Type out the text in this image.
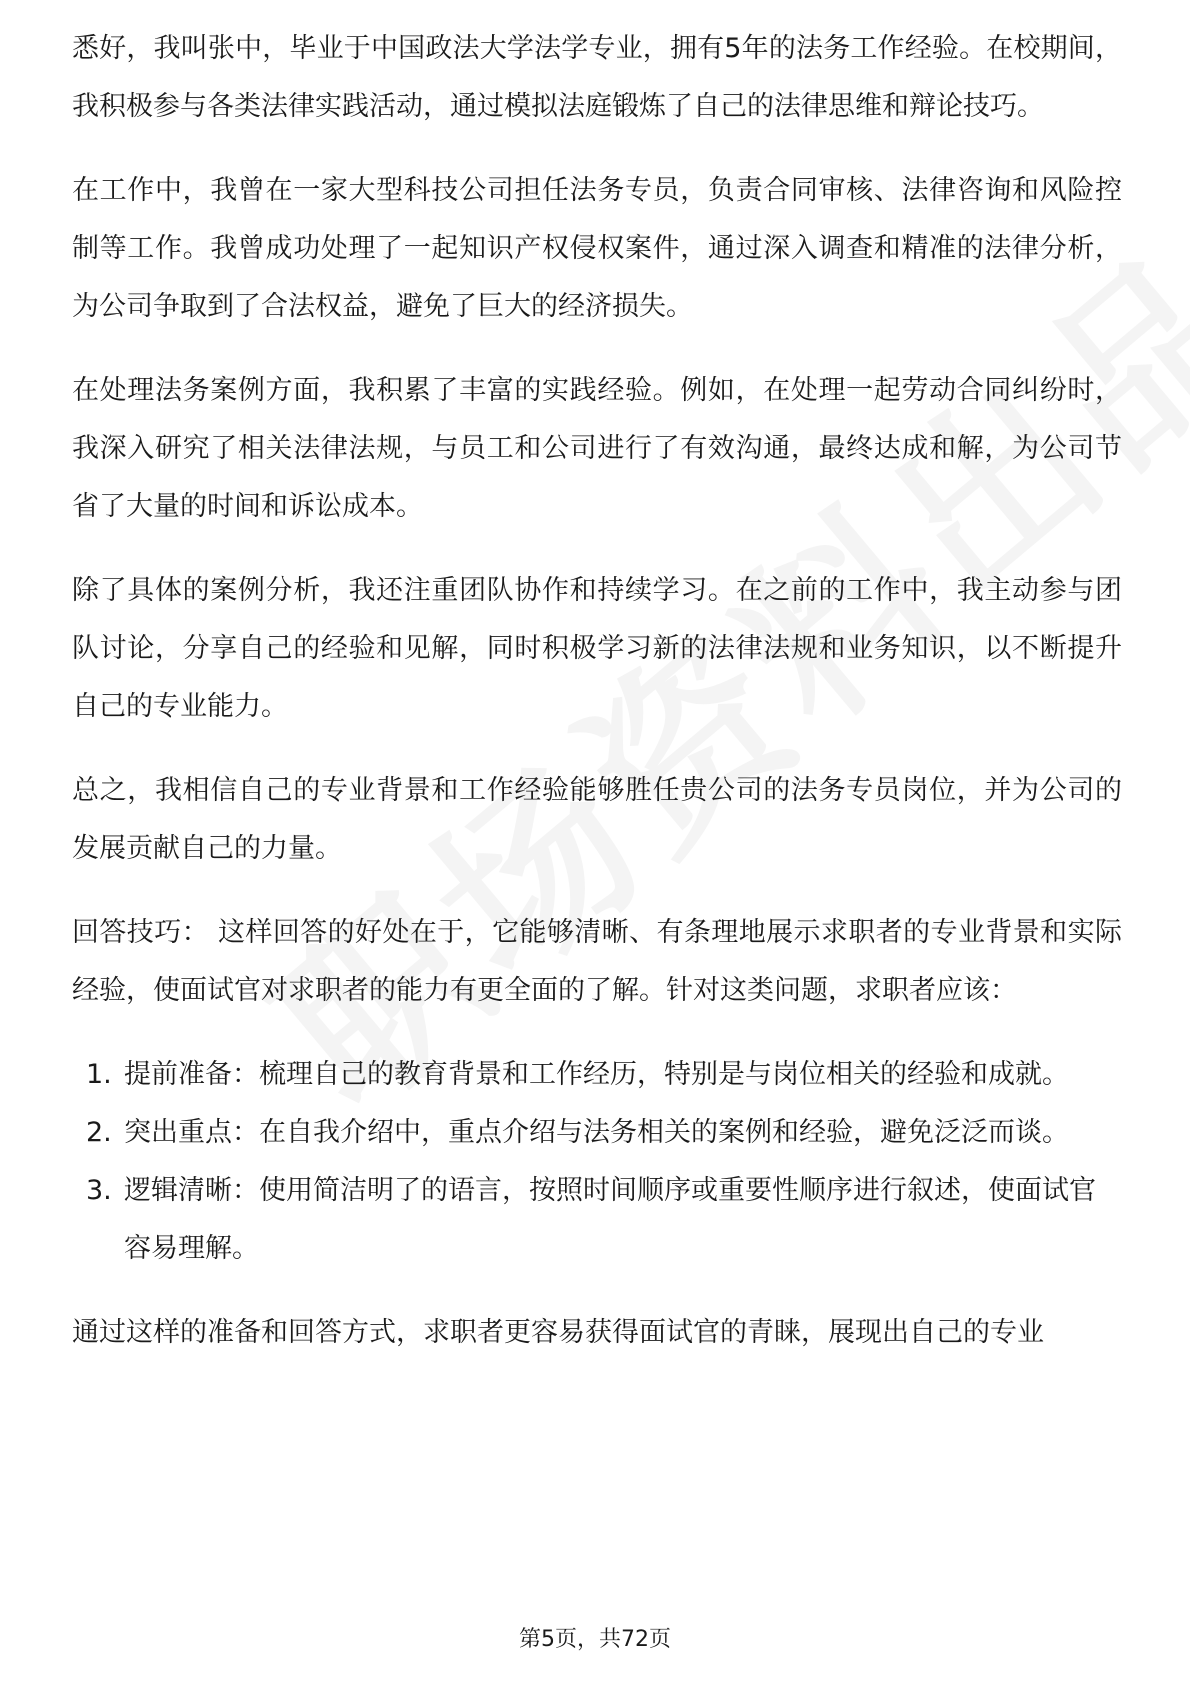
悉好，我叫张中，毕业于中国政法大学法学专业，拥有5年的法务工作经验。在校期间，我积极参与各类法律实践活动，通过模拟法庭锻炼了自己的法律思维和辩论技巧。

在工作中，我曾在一家大型科技公司担任法务专员，负责合同审核、法律咨询和风险控制等工作。我曾成功处理了一起知识产权侵权案件，通过深入调查和精准的法律分析，为公司争取到了合法权益，避免了巨大的经济损失。

在处理法务案例方面，我积累了丰富的实践经验。例如，在处理一起劳动合同纠纷时，我深入研究了相关法律法规，与员工和公司进行了有效沟通，最终达成和解，为公司节省了大量的时间和诉讼成本。

除了具体的案例分析，我还注重团队协作和持续学习。在之前的工作中，我主动参与团队讨论，分享自己的经验和见解，同时积极学习新的法律法规和业务知识，以不断提升自己的专业能力。

总之，我相信自己的专业背景和工作经验能够胜任贵公司的法务专员岗位，并为公司的发展贡献自己的力量。

回答技巧： 这样回答的好处在于，它能够清晰、有条理地展示求职者的专业背景和实际经验，使面试官对求职者的能力有更全面的了解。针对这类问题，求职者应该：

1. 提前准备：梳理自己的教育背景和工作经历，特别是与岗位相关的经验和成就。
2. 突出重点：在自我介绍中，重点介绍与法务相关的案例和经验，避免泛泛而谈。
3. 逻辑清晰：使用简洁明了的语言，按照时间顺序或重要性顺序进行叙述，使面试官容易理解。

通过这样的准备和回答方式，求职者更容易获得面试官的青睐，展现出自己的专业

第5页，共72页
